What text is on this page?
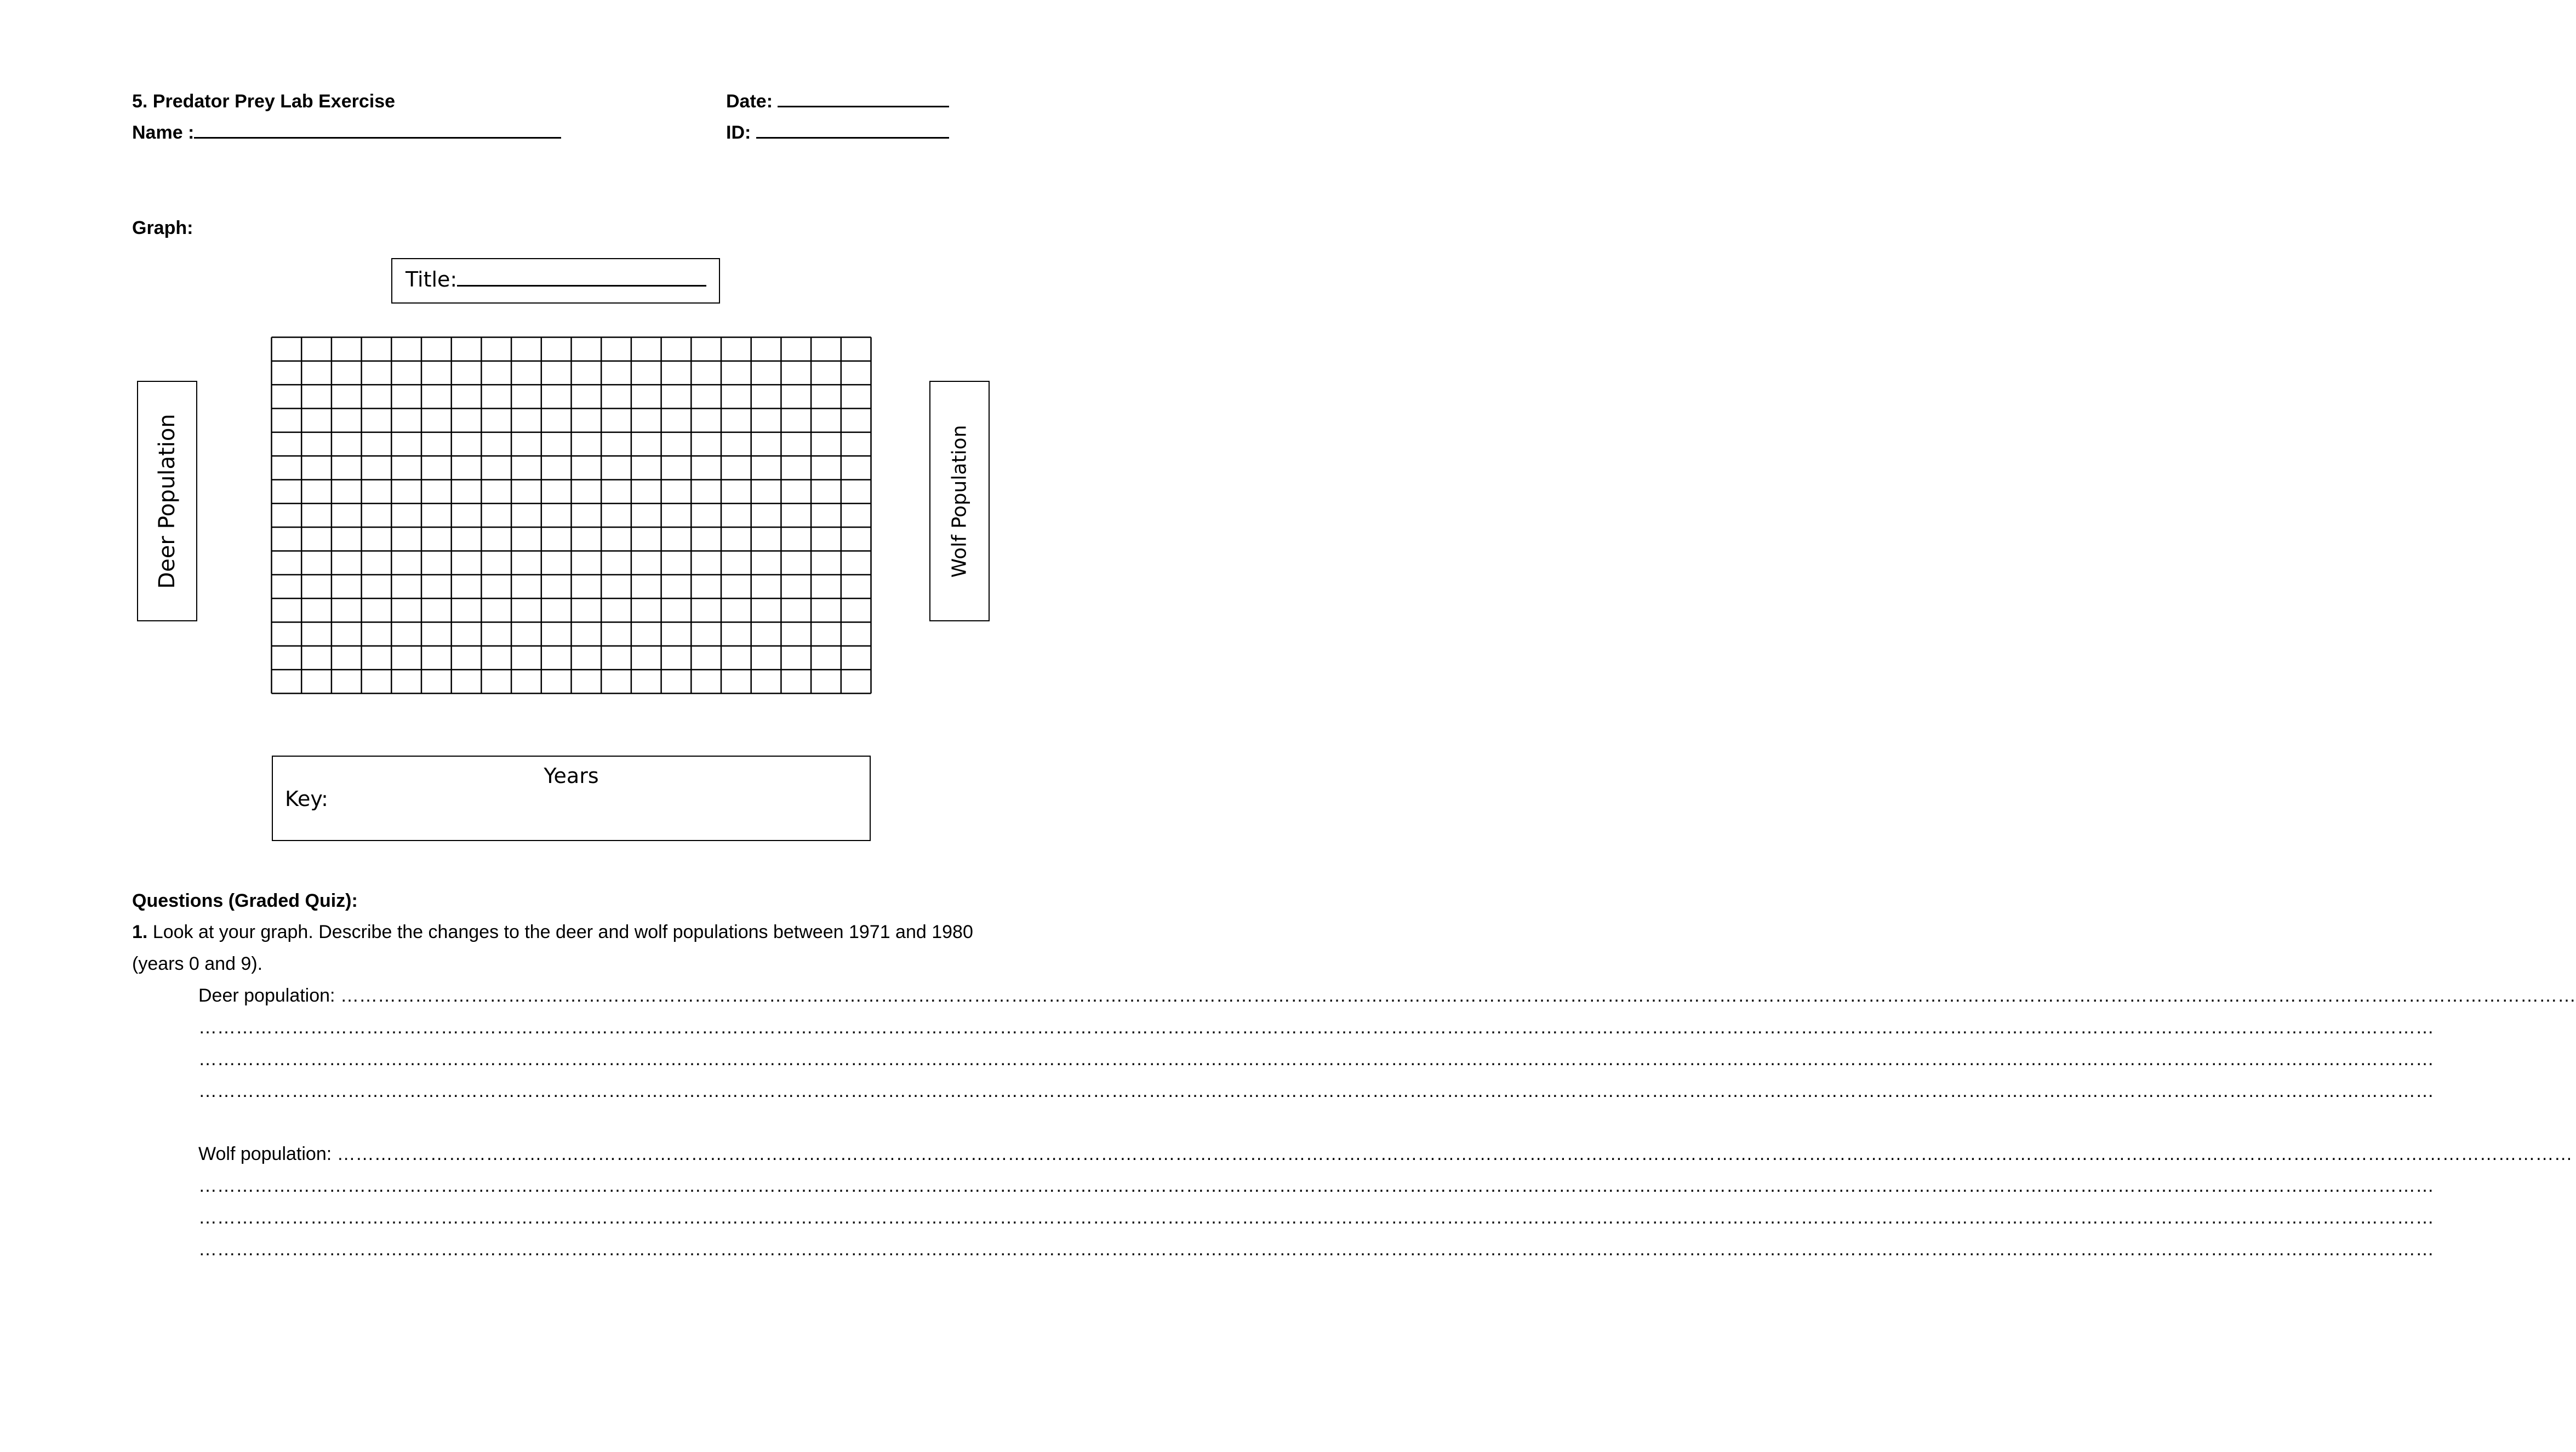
5. Predator Prey Lab Exercise
Name :
Date:
ID:
Graph:
Title:
Deer Population	Wolf Population
Years
Key:
Questions (Graded Quiz):
1. Look at your graph. Describe the changes to the deer and wolf populations between 1971 and 1980
(years 0 and 9).
Deer population: ………………………………………………………………………………………………………………………………………………………………………………………………………………………………………………………………………………………………………………………………
………………………………………………………………………………………………………………………………………………………………………………………………………………………………………………………………………………………………………………………………
………………………………………………………………………………………………………………………………………………………………………………………………………………………………………………………………………………………………………………………………
………………………………………………………………………………………………………………………………………………………………………………………………………………………………………………………………………………………………………………………………
Wolf population: ………………………………………………………………………………………………………………………………………………………………………………………………………………………………………………………………………………………………………………………………
………………………………………………………………………………………………………………………………………………………………………………………………………………………………………………………………………………………………………………………………
………………………………………………………………………………………………………………………………………………………………………………………………………………………………………………………………………………………………………………………………
………………………………………………………………………………………………………………………………………………………………………………………………………………………………………………………………………………………………………………………………
